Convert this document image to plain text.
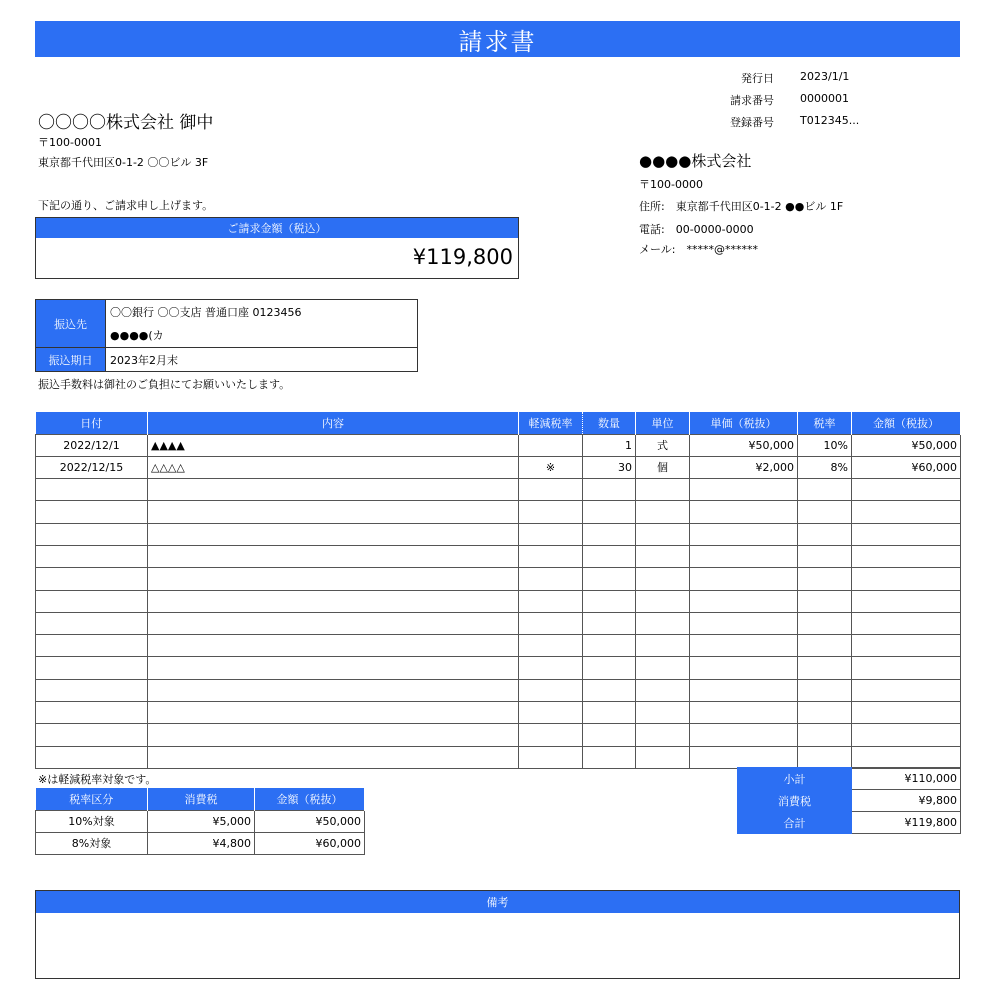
請求書
発行日 2023/1/1
請求番号 0000001
登録番号 T012345...
〇〇〇〇株式会社 御中
〒100-0001
東京都千代田区0-1-2 〇〇ビル 3F
下記の通り、ご請求申し上げます。
ご請求金額（税込）
¥119,800
●●●●株式会社
〒100-0000
住所:　東京都千代田区0-1-2 ●●ビル 1F
電話:　00-0000-0000
メール:　*****@******
振込先	〇〇銀行 〇〇支店 普通口座 0123456
	●●●●(カ
振込期日	2023年2月末
振込手数料は御社のご負担にてお願いいたします。
日付	内容	軽減税率	数量	単位	単価（税抜）	税率	金額（税抜）
2022/12/1	▲▲▲▲		1	式	¥50,000	10%	¥50,000
2022/12/15	△△△△	※	30	個	¥2,000	8%	¥60,000

※は軽減税率対象です。
税率区分	消費税	金額（税抜）
10%対象	¥5,000	¥50,000
8%対象	¥4,800	¥60,000
小計	¥110,000
消費税	¥9,800
合計	¥119,800
備考
